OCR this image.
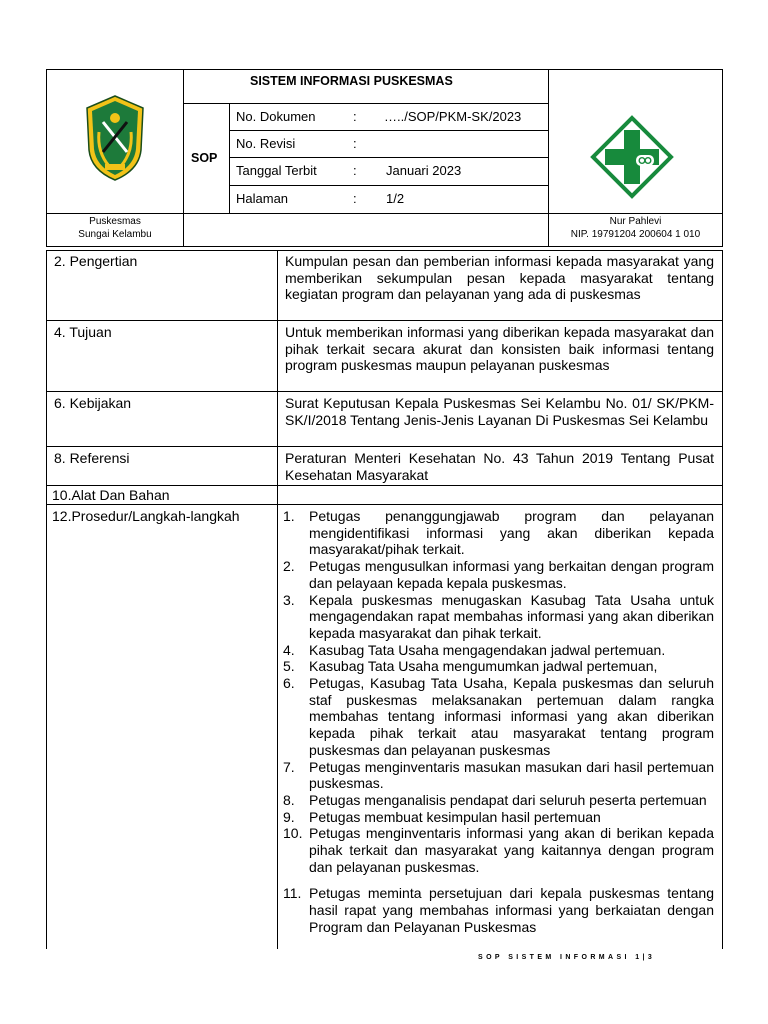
SISTEM INFORMASI PUSKESMAS
SOP
No. Dokumen	: …../SOP/PKM-SK/2023
No. Revisi	:
Tanggal Terbit	: Januari 2023
Halaman	: 1/2
Puskesmas
Sungai Kelambu
Nur Pahlevi
NIP. 19791204 200604 1 010
2. Pengertian	Kumpulan pesan dan pemberian informasi kepada masyarakat yang memberikan sekumpulan pesan kepada masyarakat tentang kegiatan program dan pelayanan yang ada di puskesmas
4. Tujuan	Untuk memberikan informasi yang diberikan kepada masyarakat dan pihak terkait secara akurat dan konsisten baik informasi tentang program puskesmas maupun pelayanan puskesmas
6. Kebijakan	Surat Keputusan Kepala Puskesmas Sei Kelambu No. 01/ SK/PKM-SK/I/2018 Tentang Jenis-Jenis Layanan Di Puskesmas Sei Kelambu
8. Referensi	Peraturan Menteri Kesehatan No. 43 Tahun 2019 Tentang Pusat Kesehatan Masyarakat
10.Alat Dan Bahan
12.Prosedur/Langkah-langkah	1. Petugas penanggungjawab program dan pelayanan mengidentifikasi informasi yang akan diberikan kepada masyarakat/pihak terkait.
2. Petugas mengusulkan informasi yang berkaitan dengan program dan pelayaan kepada kepala puskesmas.
3. Kepala puskesmas menugaskan Kasubag Tata Usaha untuk mengagendakan rapat membahas informasi yang akan diberikan kepada masyarakat dan pihak terkait.
4. Kasubag Tata Usaha mengagendakan jadwal pertemuan.
5. Kasubag Tata Usaha mengumumkan jadwal pertemuan,
6. Petugas, Kasubag Tata Usaha, Kepala puskesmas dan seluruh staf puskesmas melaksanakan pertemuan dalam rangka membahas tentang informasi informasi yang akan diberikan kepada pihak terkait atau masyarakat tentang program puskesmas dan pelayanan puskesmas
7. Petugas menginventaris masukan masukan dari hasil pertemuan puskesmas.
8. Petugas menganalisis pendapat dari seluruh peserta pertemuan
9. Petugas membuat kesimpulan hasil pertemuan
10. Petugas menginventaris informasi yang akan di berikan kepada pihak terkait dan masyarakat yang kaitannya dengan program dan pelayanan puskesmas.
11. Petugas meminta persetujuan dari kepala puskesmas tentang hasil rapat yang membahas informasi yang berkaiatan dengan Program dan Pelayanan Puskesmas
SOP SISTEM INFORMASI 1|3
